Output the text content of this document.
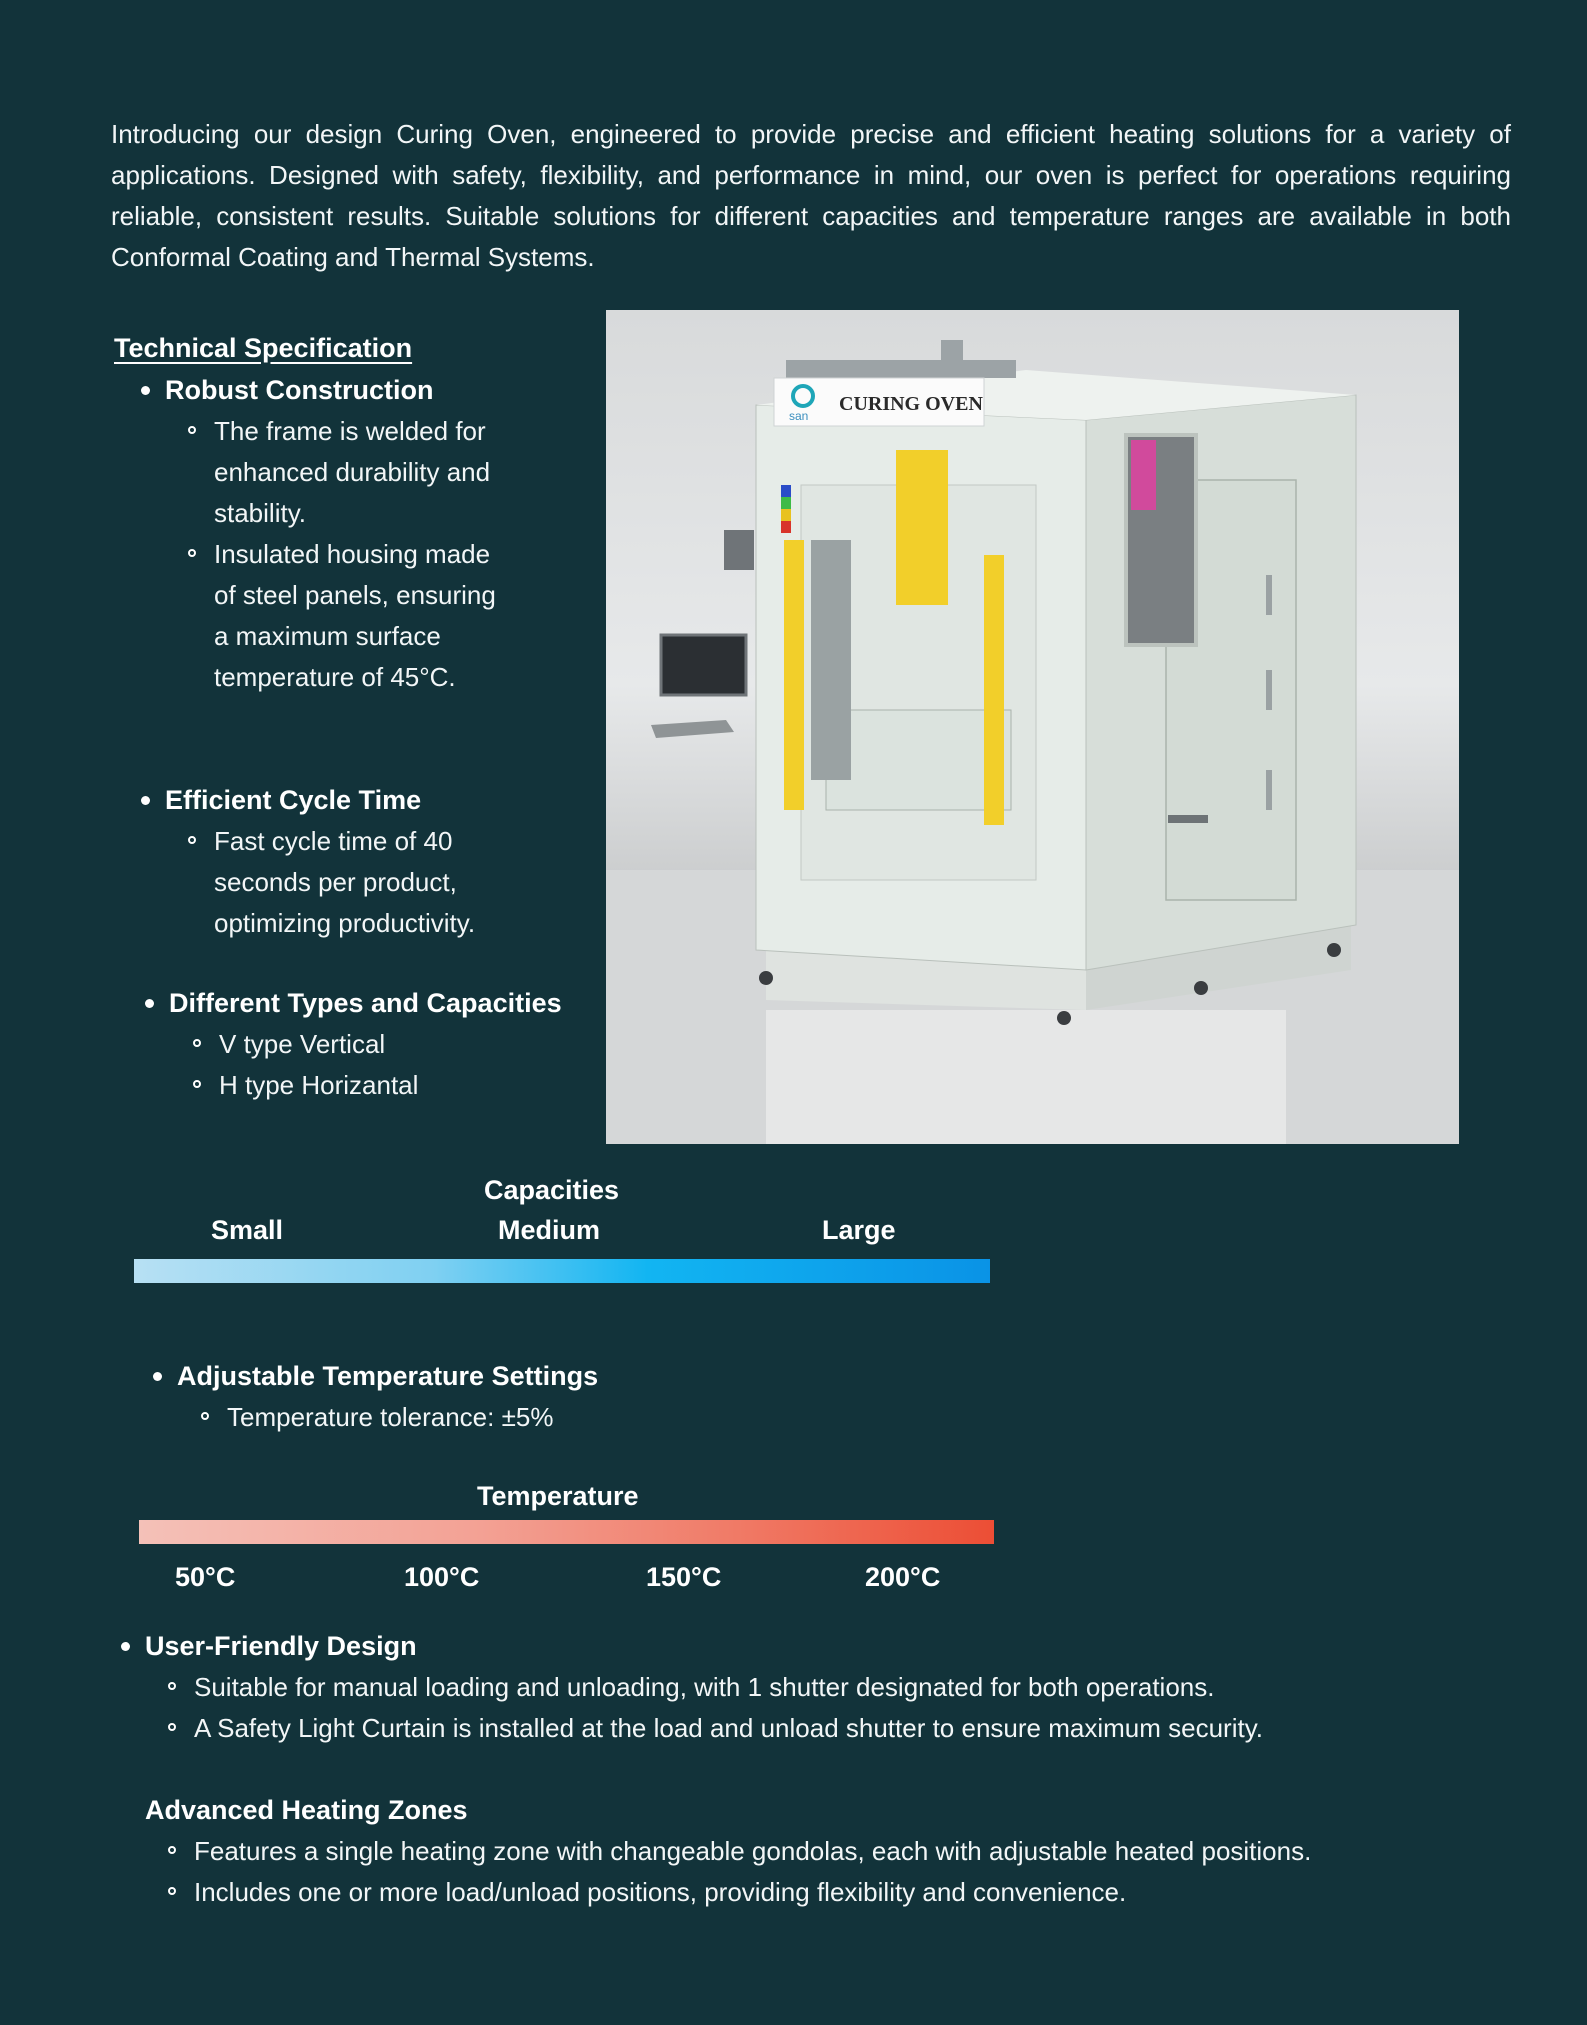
Introducing our design Curing Oven, engineered to provide precise and efficient heating solutions for a variety of applications. Designed with safety, flexibility, and performance in mind, our oven is perfect for operations requiring reliable, consistent results. Suitable solutions for different capacities and temperature ranges are available in both Conformal Coating and Thermal Systems.
Technical Specification
Robust Construction
The frame is welded for enhanced durability and stability.
Insulated housing made of steel panels, ensuring a maximum surface temperature of 45°C.
Efficient Cycle Time
Fast cycle time of 40 seconds per product, optimizing productivity.
Different Types and Capacities
V type Vertical
H type Horizantal
san
CURING OVEN
Capacities
Small	Medium	Large
Adjustable Temperature Settings
Temperature tolerance: ±5%
Temperature
50°C	100°C	150°C	200°C
User-Friendly Design
Suitable for manual loading and unloading, with 1 shutter designated for both operations.
A Safety Light Curtain is installed at the load and unload shutter to ensure maximum security.
Advanced Heating Zones
Features a single heating zone with changeable gondolas, each with adjustable heated positions.
Includes one or more load/unload positions, providing flexibility and convenience.
